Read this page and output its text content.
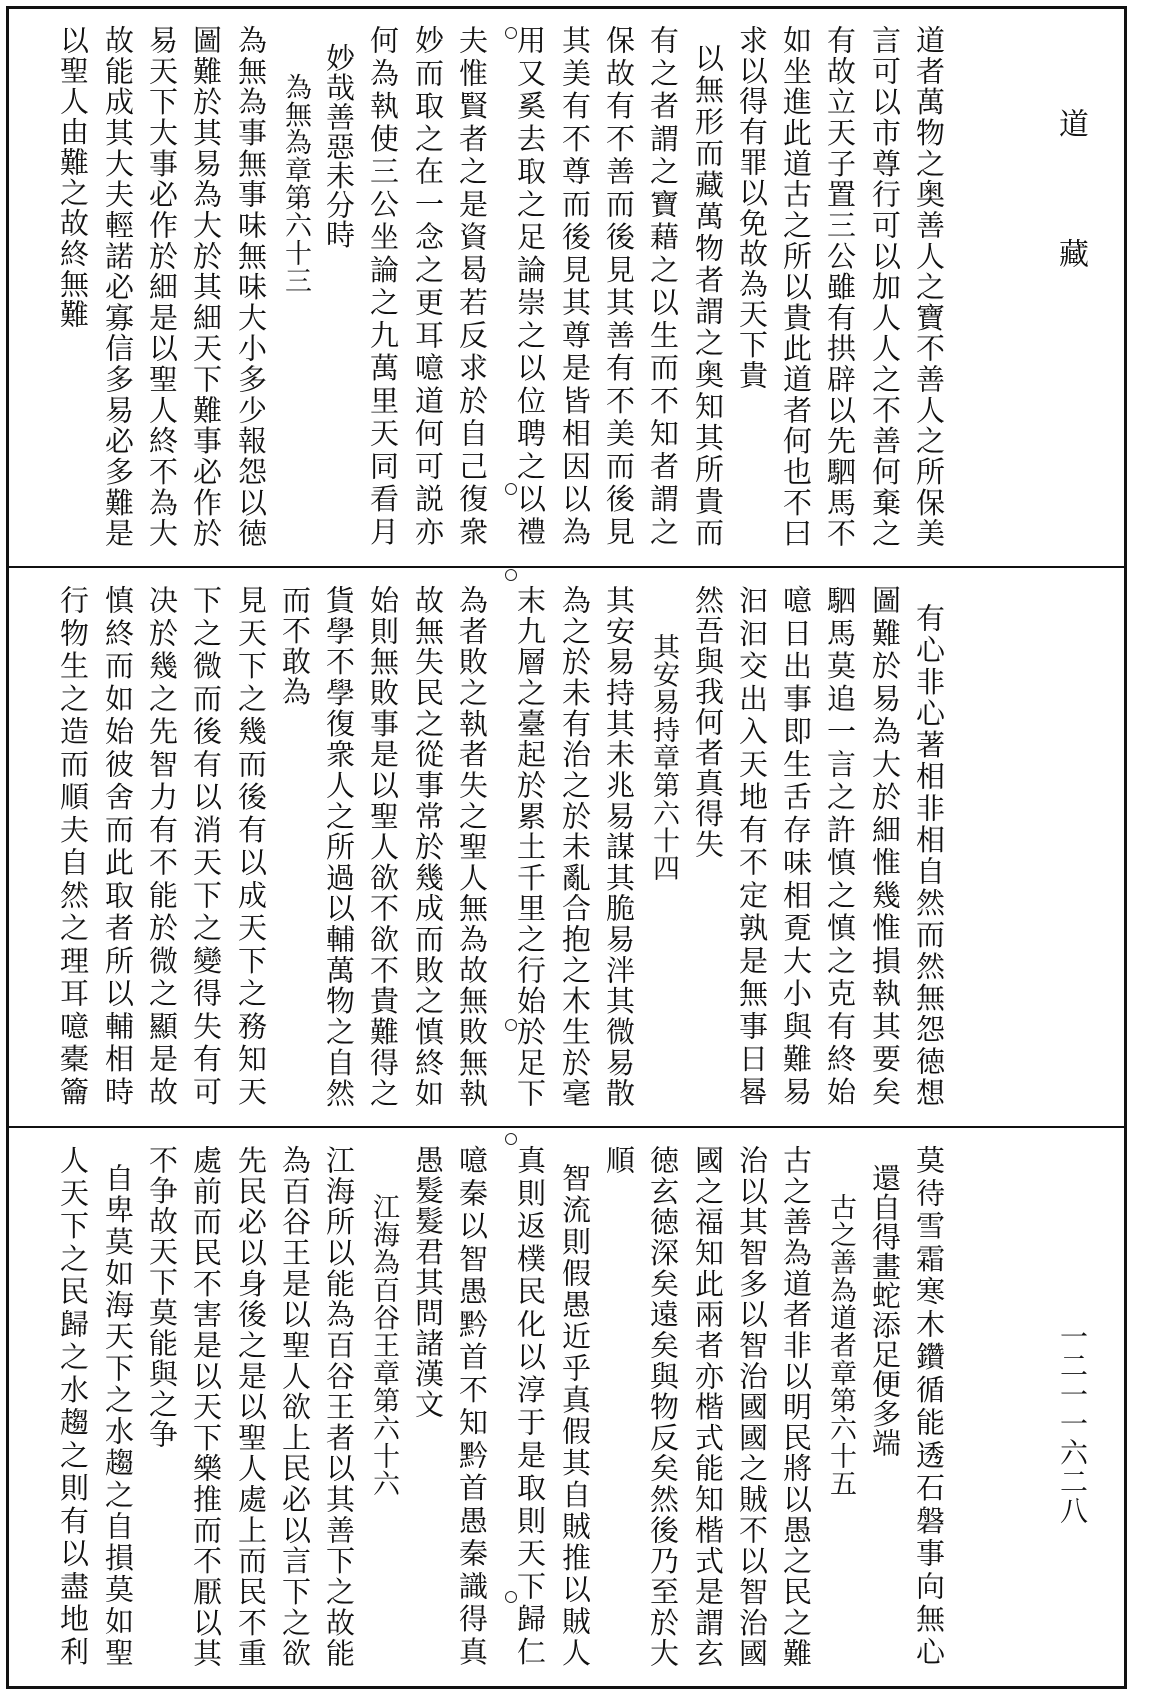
道者萬物之奥善人之寶不善人之所保美
言可以市尊行可以加人人之不善何棄之
有故立天子置三公雖有拱辟以先駟馬不
如坐進此道古之所以貴此道者何也不曰
求以得有罪以免故為天下貴
以無形而藏萬物者謂之奥知其所貴而
有之者謂之寶藉之以生而不知者謂之
保故有不善而後見其善有不美而後見
其美有不尊而後見其尊是皆相因以為
用又奚去取之足論崇之以位聘之以禮
夫惟賢者之是資曷若反求於自己復衆
妙而取之在一念之更耳噫道何可説亦
何為執使三公坐論之九萬里天同看月
妙哉善惡未分時
為無為章第六十三
為無為事無事味無味大小多少報怨以徳
圖難於其易為大於其細天下難事必作於
易天下大事必作於細是以聖人終不為大
故能成其大夫輕諾必寡信多易必多難是
以聖人由難之故終無難
有心非心著相非相自然而然無怨徳想
圖難於易為大於細惟幾惟損執其要矣
駟馬莫追一言之許慎之慎之克有終始
噫日出事即生舌存味相覔大小與難易
汩汩交出入天地有不定孰是無事日晷
然吾與我何者真得失
其安易持章第六十四
其安易持其未兆易謀其脆易泮其微易散
為之於未有治之於未亂合抱之木生於毫
末九層之臺起於累土千里之行始於足下
為者敗之執者失之聖人無為故無敗無執
故無失民之從事常於幾成而敗之慎終如
始則無敗事是以聖人欲不欲不貴難得之
貨學不學復衆人之所過以輔萬物之自然
而不敢為
見天下之幾而後有以成天下之務知天
下之微而後有以消天下之變得失有可
决於幾之先智力有不能於微之顯是故
慎終而如始彼舍而此取者所以輔相時
行物生之造而順夫自然之理耳噫橐籥
莫待雪霜寒木鑽循能透石磐事向無心
還自得畫蛇添足便多端
古之善為道者章第六十五
古之善為道者非以明民將以愚之民之難
治以其智多以智治國國之賊不以智治國
國之福知此兩者亦楷式能知楷式是謂玄
徳玄徳深矣遠矣與物反矣然後乃至於大
順
智流則假愚近乎真假其自賊推以賊人
真則返樸民化以淳于是取則天下歸仁
噫秦以智愚黔首不知黔首愚秦識得真
愚髮髮君其問諸漢文
江海為百谷王章第六十六
江海所以能為百谷王者以其善下之故能
為百谷王是以聖人欲上民必以言下之欲
先民必以身後之是以聖人處上而民不重
處前而民不害是以天下樂推而不厭以其
不争故天下莫能與之争
自卑莫如海天下之水趨之自損莫如聖
人天下之民歸之水趨之則有以盡地利
道
藏
一二一一六二八
